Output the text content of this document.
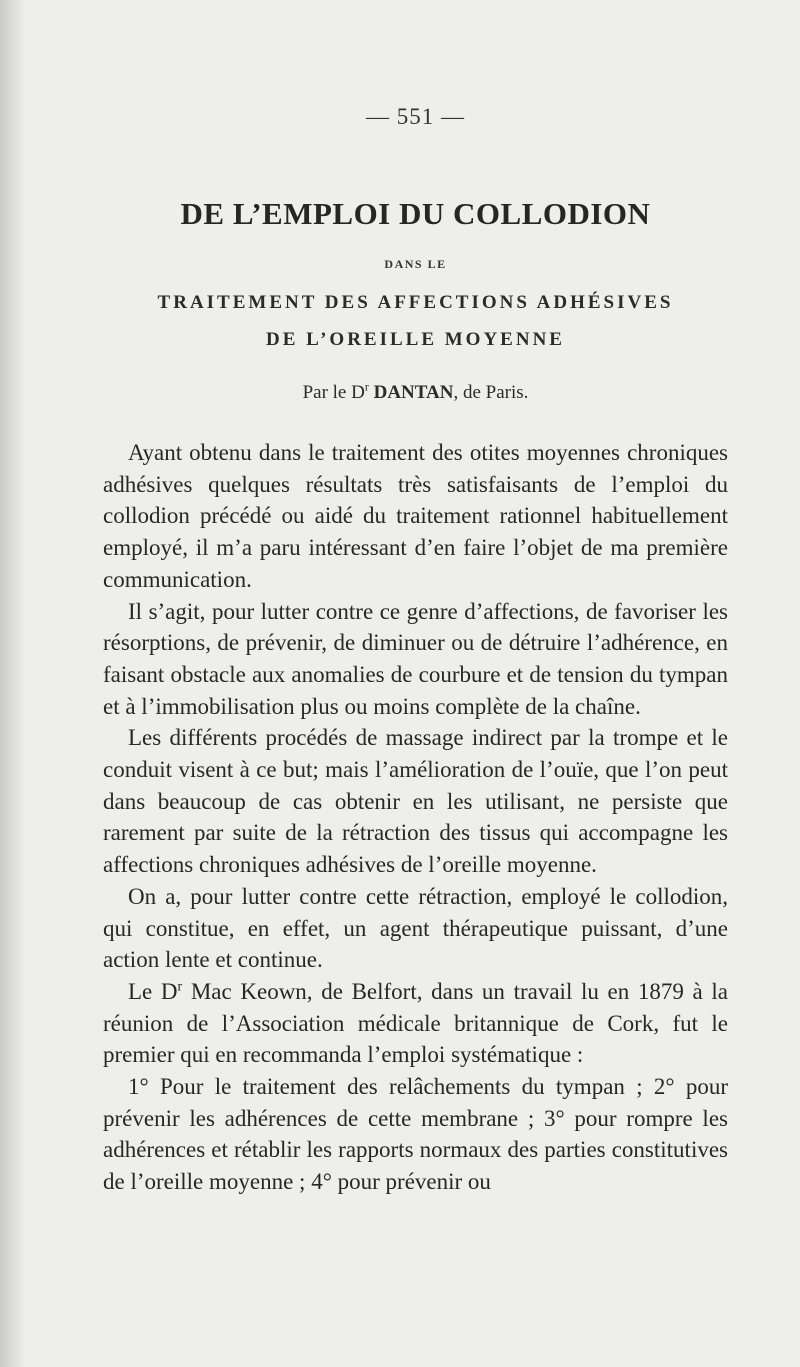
— 551 —
DE L’EMPLOI DU COLLODION
DANS LE
TRAITEMENT DES AFFECTIONS ADHÉSIVES
DE L’OREILLE MOYENNE
Par le $D^r$ DANTAN, de Paris.

Ayant obtenu dans le traitement des otites moyennes chroniques adhésives quelques résultats très satisfaisants de l’emploi du collodion précédé ou aidé du traitement rationnel habituellement employé, il m’a paru intéressant d’en faire l’objet de ma première communication.

Il s’agit, pour lutter contre ce genre d’affections, de favoriser les résorptions, de prévenir, de diminuer ou de détruire l’adhérence, en faisant obstacle aux anomalies de courbure et de tension du tympan et à l’immobilisation plus ou moins complète de la chaîne.

Les différents procédés de massage indirect par la trompe et le conduit visent à ce but; mais l’amélioration de l’ouïe, que l’on peut dans beaucoup de cas obtenir en les utilisant, ne persiste que rarement par suite de la rétraction des tissus qui accompagne les affections chroniques adhésives de l’oreille moyenne.

On a, pour lutter contre cette rétraction, employé le collodion, qui constitue, en effet, un agent thérapeutique puissant, d’une action lente et continue.

Le $D^r$ Mac Keown, de Belfort, dans un travail lu en 1879 à la réunion de l’Association médicale britannique de Cork, fut le premier qui en recommanda l’emploi systématique :

1° Pour le traitement des relâchements du tympan ; 2° pour prévenir les adhérences de cette membrane ; 3° pour rompre les adhérences et rétablir les rapports normaux des parties constitutives de l’oreille moyenne ; 4° pour prévenir ou
